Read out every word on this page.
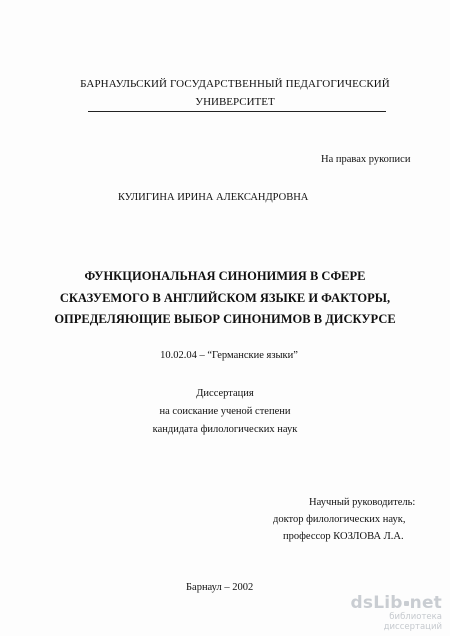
БАРНАУЛЬСКИЙ ГОСУДАРСТВЕННЫЙ ПЕДАГОГИЧЕСКИЙ
УНИВЕРСИТЕТ
На правах рукописи
КУЛИГИНА ИРИНА АЛЕКСАНДРОВНА
ФУНКЦИОНАЛЬНАЯ СИНОНИМИЯ В СФЕРЕ
СКАЗУЕМОГО В АНГЛИЙСКОМ ЯЗЫКЕ И ФАКТОРЫ,
ОПРЕДЕЛЯЮЩИЕ ВЫБОР СИНОНИМОВ В ДИСКУРСЕ
10.02.04 – “Германские языки”
Диссертация
на соискание ученой степени
кандидата филологических наук
Научный руководитель:
доктор филологических наук,
профессор КОЗЛОВА Л.А.
Барнаул – 2002
dsLib net
библиотека диссертаций
